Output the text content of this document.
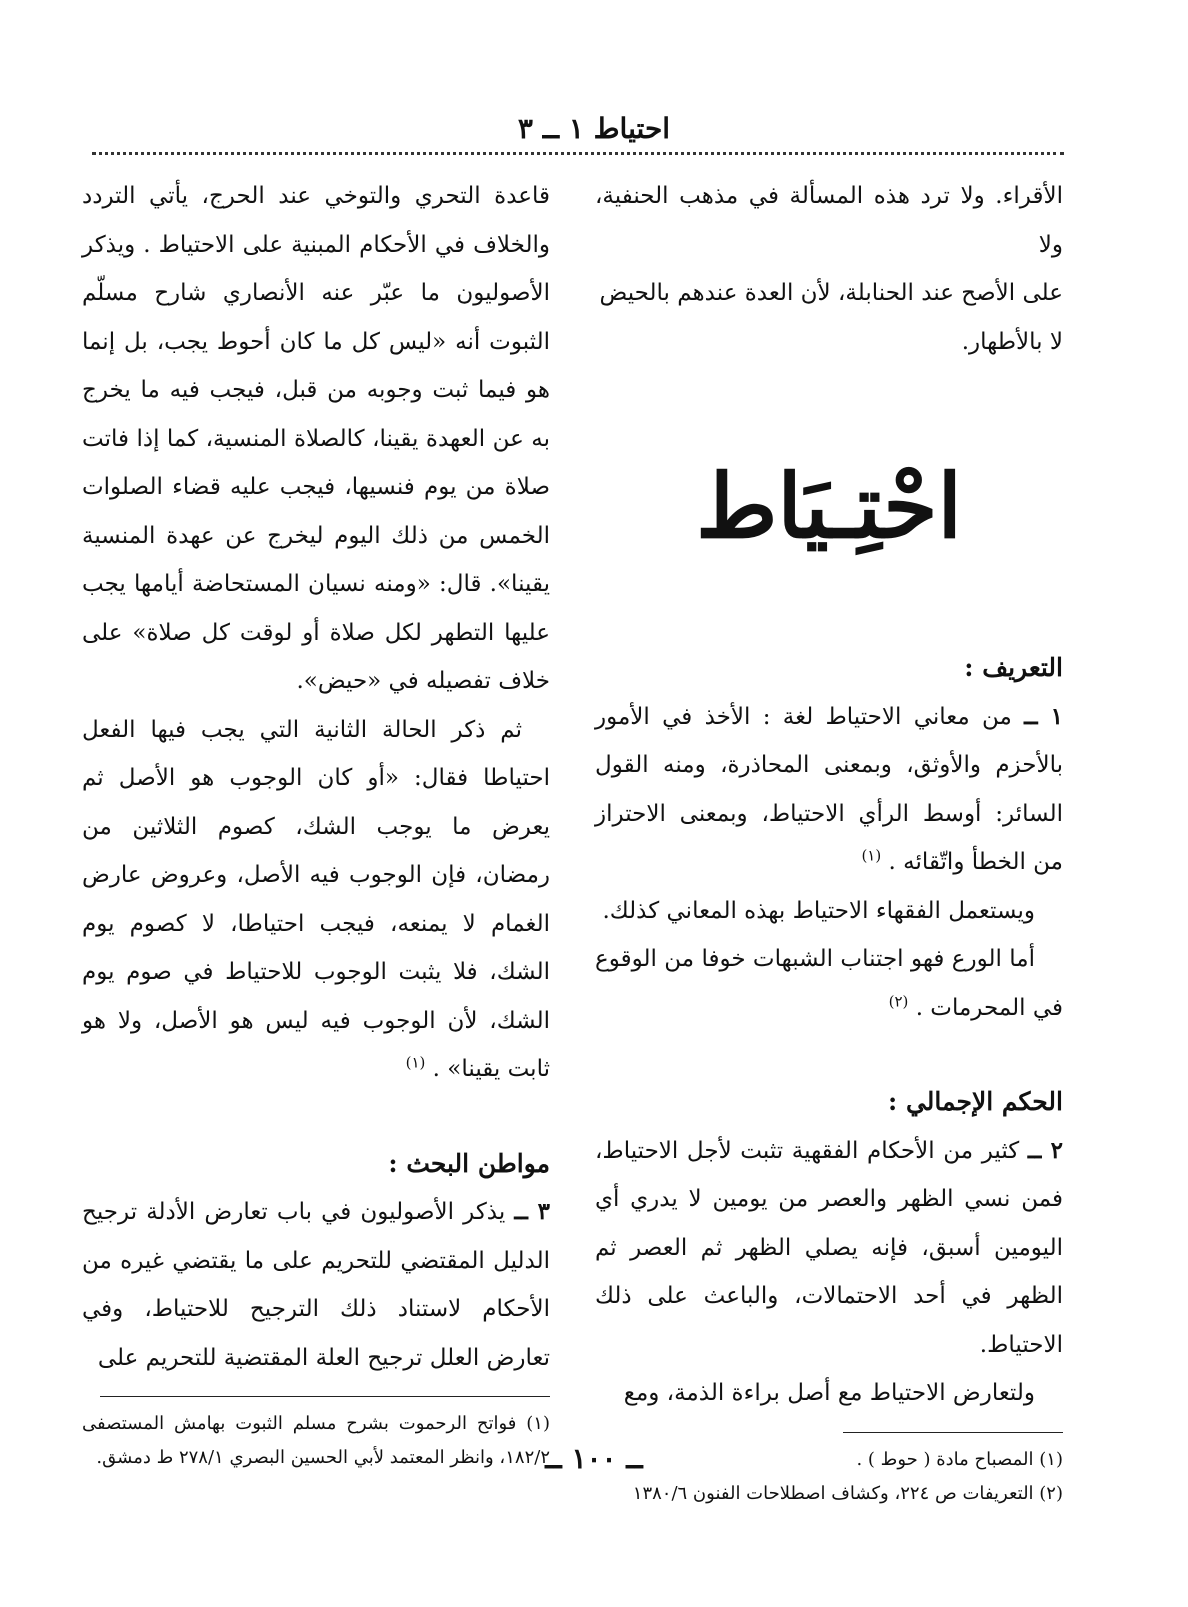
احتياط ١ ــ ٣

الأقراء. ولا ترد هذه المسألة في مذهب الحنفية، ولا

على الأصح عند الحنابلة، لأن العدة عندهم بالحيض

لا بالأطهار.

احْتِـيَاط

التعريف :

١ ــ من معاني الاحتياط لغة : الأخذ في الأمور بالأحزم والأوثق، وبمعنى المحاذرة، ومنه القول السائر: أوسط الرأي الاحتياط، وبمعنى الاحتراز من الخطأ واتّقائه . $^{(١)}$

ويستعمل الفقهاء الاحتياط بهذه المعاني كذلك.

أما الورع فهو اجتناب الشبهات خوفا من الوقوع في المحرمات . $^{(٢)}$

الحكم الإجمالي :

٢ ــ كثير من الأحكام الفقهية تثبت لأجل الاحتياط، فمن نسي الظهر والعصر من يومين لا يدري أي اليومين أسبق، فإنه يصلي الظهر ثم العصر ثم الظهر في أحد الاحتمالات، والباعث على ذلك الاحتياط.

ولتعارض الاحتياط مع أصل براءة الذمة، ومع

(١) المصباح مادة ( حوط ) .

(٢) التعريفات ص ٢٢٤، وكشاف اصطلاحات الفنون ١٣٨٠/٦

قاعدة التحري والتوخي عند الحرج، يأتي التردد والخلاف في الأحكام المبنية على الاحتياط . ويذكر الأصوليون ما عبّر عنه الأنصاري شارح مسلّم الثبوت أنه «ليس كل ما كان أحوط يجب، بل إنما هو فيما ثبت وجوبه من قبل، فيجب فيه ما يخرج به عن العهدة يقينا، كالصلاة المنسية، كما إذا فاتت صلاة من يوم فنسيها، فيجب عليه قضاء الصلوات الخمس من ذلك اليوم ليخرج عن عهدة المنسية يقينا». قال: «ومنه نسيان المستحاضة أيامها يجب عليها التطهر لكل صلاة أو لوقت كل صلاة» على خلاف تفصيله في «حيض».

ثم ذكر الحالة الثانية التي يجب فيها الفعل احتياطا فقال: «أو كان الوجوب هو الأصل ثم يعرض ما يوجب الشك، كصوم الثلاثين من رمضان، فإن الوجوب فيه الأصل، وعروض عارض الغمام لا يمنعه، فيجب احتياطا، لا كصوم يوم الشك، فلا يثبت الوجوب للاحتياط في صوم يوم الشك، لأن الوجوب فيه ليس هو الأصل، ولا هو ثابت يقينا» . $^{(١)}$

مواطن البحث :

٣ ــ يذكر الأصوليون في باب تعارض الأدلة ترجيح الدليل المقتضي للتحريم على ما يقتضي غيره من الأحكام لاستناد ذلك الترجيح للاحتياط، وفي تعارض العلل ترجيح العلة المقتضية للتحريم على

(١) فواتح الرحموت بشرح مسلم الثبوت بهامش المستصفى ١٨٢/٢، وانظر المعتمد لأبي الحسين البصري ٢٧٨/١ ط دمشق.

ــ ١٠٠ ــ
